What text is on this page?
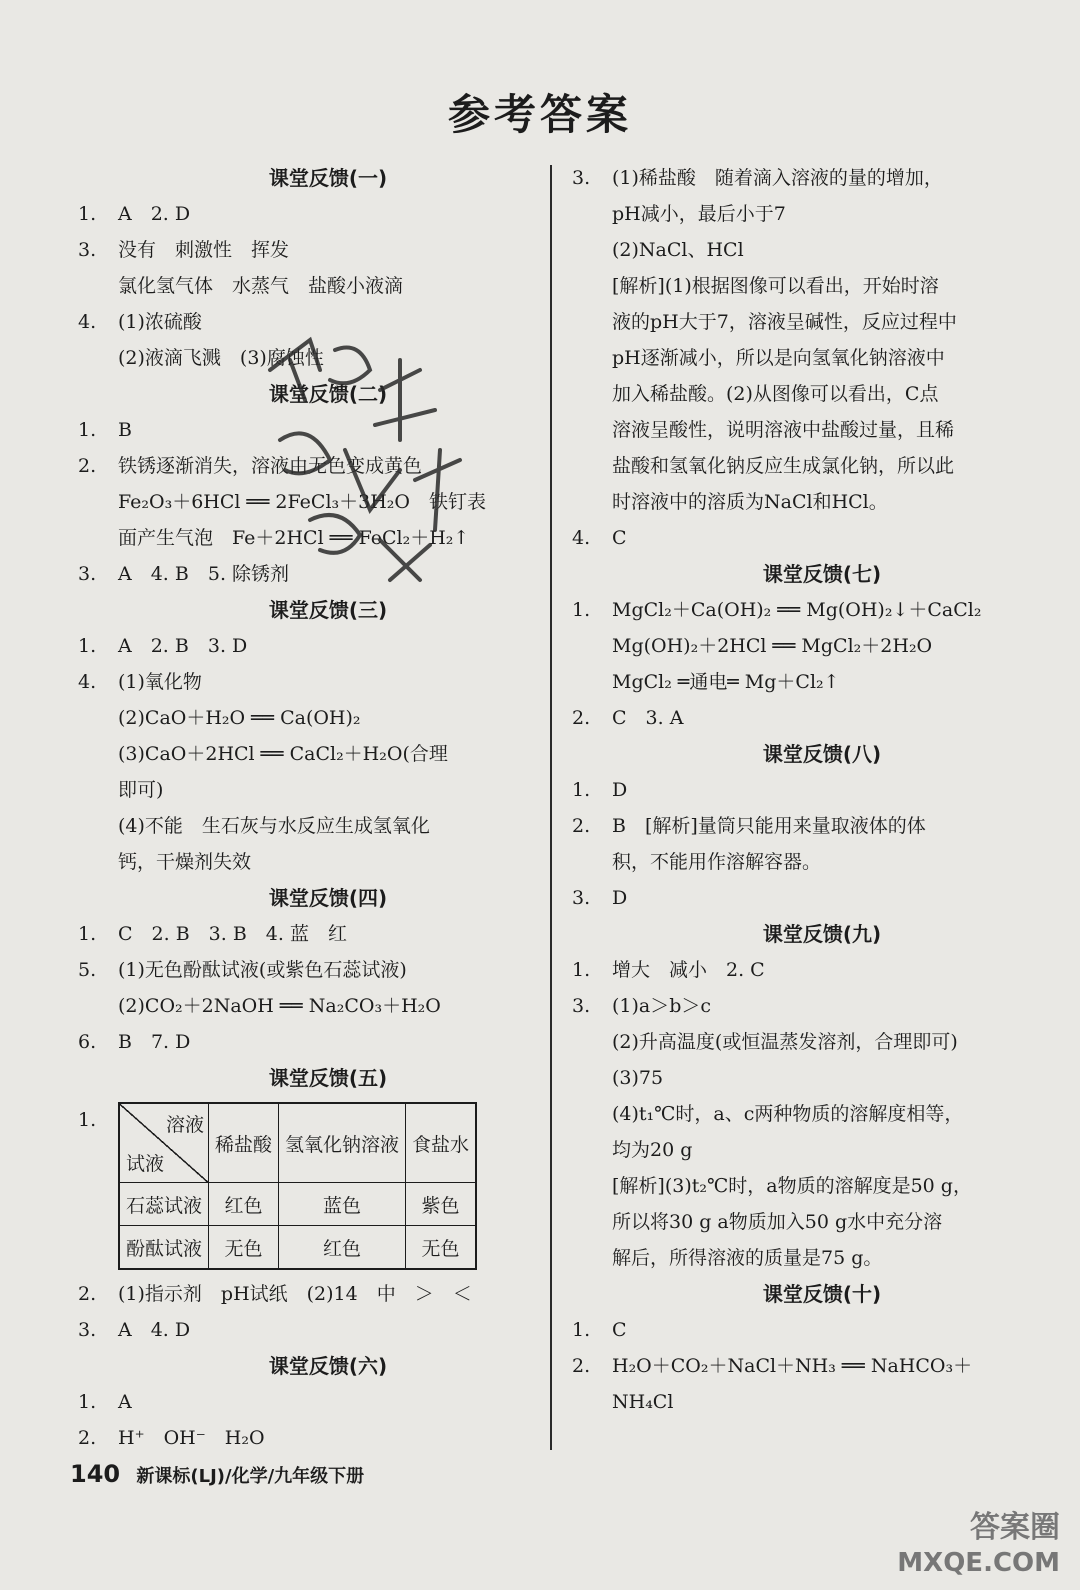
参考答案
课堂反馈(一)
1. A　2. D
3. 没有　刺激性　挥发
氯化氢气体　水蒸气　盐酸小液滴
4. (1)浓硫酸
(2)液滴飞溅　(3)腐蚀性
课堂反馈(二)
1. B
2. 铁锈逐渐消失，溶液由无色变成黄色
Fe₂O₃＋6HCl ══ 2FeCl₃＋3H₂O　铁钉表
面产生气泡　Fe＋2HCl ══ FeCl₂＋H₂↑
3. A　4. B　5. 除锈剂
课堂反馈(三)
1. A　2. B　3. D
4. (1)氧化物
(2)CaO＋H₂O ══ Ca(OH)₂
(3)CaO＋2HCl ══ CaCl₂＋H₂O(合理
即可)
(4)不能　生石灰与水反应生成氢氧化
钙，干燥剂失效
课堂反馈(四)
1. C　2. B　3. B　4. 蓝　红
5. (1)无色酚酞试液(或紫色石蕊试液)
(2)CO₂＋2NaOH ══ Na₂CO₃＋H₂O
6. B　7. D
课堂反馈(五)
1.	溶液
试液	稀盐酸	氢氧化钠溶液	食盐水
石蕊试液	红色	蓝色	紫色
酚酞试液	无色	红色	无色
2. (1)指示剂　pH试纸　(2)14　中　＞　＜
3. A　4. D
课堂反馈(六)
1. A
2. H⁺　OH⁻　H₂O
3. (1)稀盐酸　随着滴入溶液的量的增加，
pH减小，最后小于7
(2)NaCl、HCl
[解析](1)根据图像可以看出，开始时溶
液的pH大于7，溶液呈碱性，反应过程中
pH逐渐减小，所以是向氢氧化钠溶液中
加入稀盐酸。(2)从图像可以看出，C点
溶液呈酸性，说明溶液中盐酸过量，且稀
盐酸和氢氧化钠反应生成氯化钠，所以此
时溶液中的溶质为NaCl和HCl。
4. C
课堂反馈(七)
1. MgCl₂＋Ca(OH)₂ ══ Mg(OH)₂↓＋CaCl₂
Mg(OH)₂＋2HCl ══ MgCl₂＋2H₂O
MgCl₂ ═通电═ Mg＋Cl₂↑
2. C　3. A
课堂反馈(八)
1. D
2. B　[解析]量筒只能用来量取液体的体
积，不能用作溶解容器。
3. D
课堂反馈(九)
1. 增大　减小　2. C
3. (1)a＞b＞c
(2)升高温度(或恒温蒸发溶剂，合理即可)
(3)75
(4)t₁℃时，a、c两种物质的溶解度相等，
均为20 g
[解析](3)t₂℃时，a物质的溶解度是50 g，
所以将30 g a物质加入50 g水中充分溶
解后，所得溶液的质量是75 g。
课堂反馈(十)
1. C
2. H₂O＋CO₂＋NaCl＋NH₃ ══ NaHCO₃＋
NH₄Cl
140 新课标(LJ)/化学/九年级下册
答案圈
MXQE.COM
